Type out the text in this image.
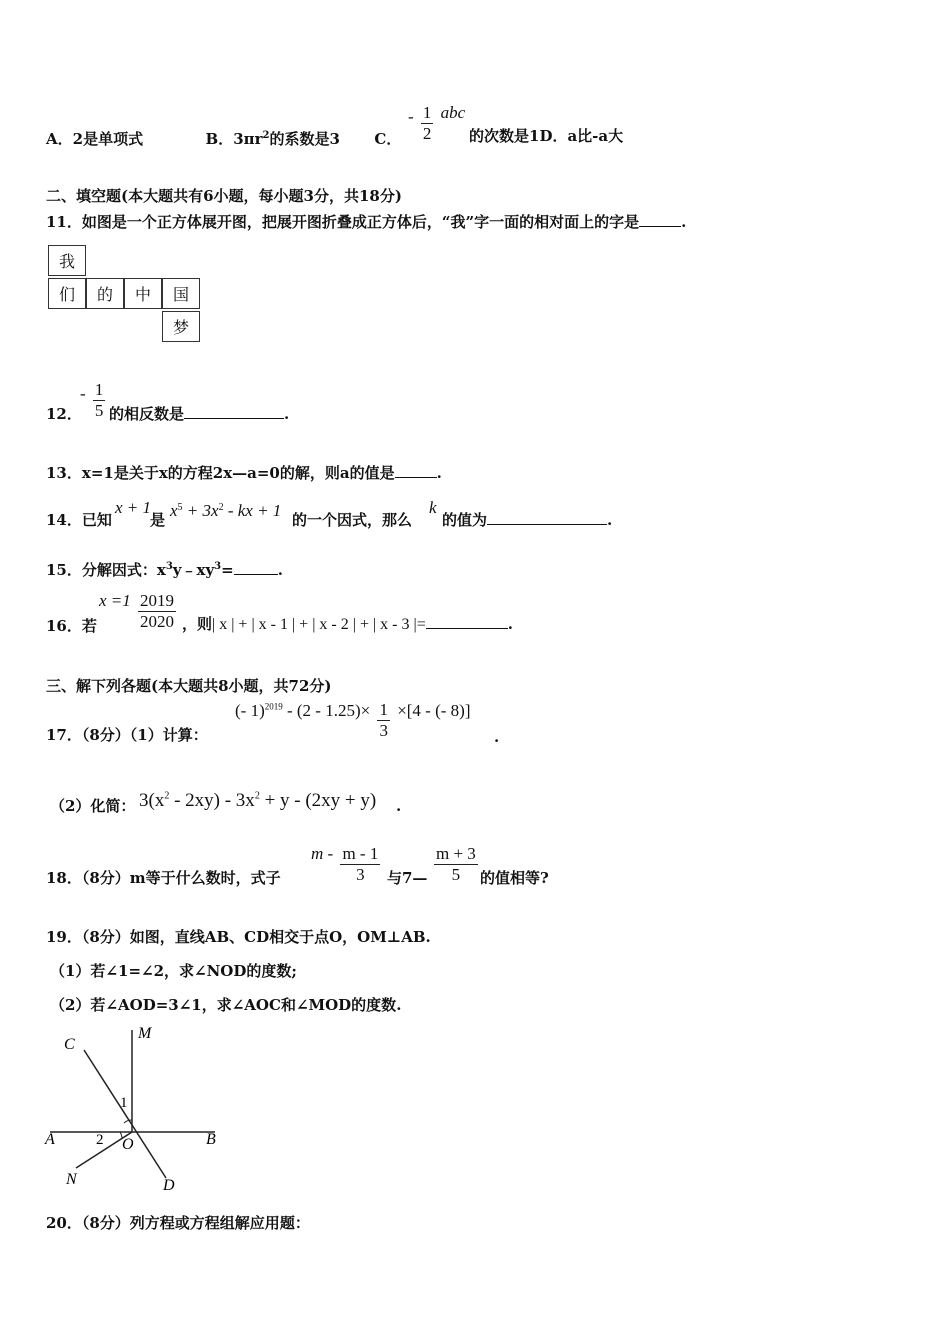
A．2是单项式	B．$3\pi r^2$的系数是3 C．
- $\frac{1}{2}$ abc
的次数是1D．a比-a大
二、填空题(本大题共有6小题，每小题3分，共18分)
11．如图是一个正方体展开图，把展开图折叠成正方体后，“我”字一面的相对面上的字是	.
我
们	的	中	国
梦
12．
- $\frac{1}{5}$ 的相反数是	.
13．x=1是关于x的方程2x—a=0的解，则a的值是	.
14．已知
x + 1
是 $x^5 + 3x^2$ - kx + 1 的一个因式，那么
k
的值为	.
15．分解因式：$x^3y﹣xy^3=$	.
16．若
$x =1 \frac{2019}{2020}$ ，则| x | + | x - 1 | + | x - 2 | + | x - 3 |=	.
三、解下列各题(本大题共8小题，共72分)
17．（8分）（1）计算：
(- $1)^{2019} - (2 - 1.25)\times \frac{1}{3} \times[4$ - (- 8)]
.
（2）化简： $3(x^2 - 2xy) - 3x^2 + y - (2xy + y)$ .
18．（8分）m等于什么数时，式子
m - $\frac{m - 1}{3}$ 与7— $\frac{m + 3}{5}$ 的值相等?
19．（8分）如图，直线AB、CD相交于点O，OM⊥AB.
（1）若∠1=∠2，求∠NOD的度数;
（2）若∠AOD=3∠1，求∠AOC和∠MOD的度数.
C
M
A	B
O
N	D
1
2
20．（8分）列方程或方程组解应用题：
